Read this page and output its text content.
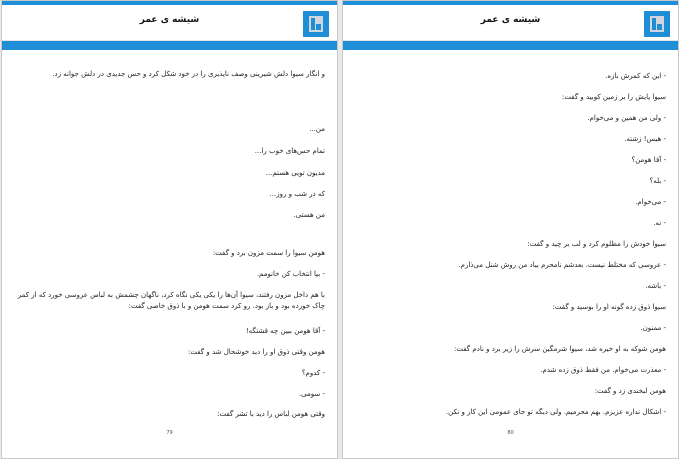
شیشه ی عمر

و انگار سیوا دلش شیرینی وصف ناپذیری را در خود شکل کرد و حس جدیدی در دلش جوانه زد.

من...

تمام حس‌های خوب را...

مدیون تویی هستم...

که در شب و روز...

من هستی.

هومن سیوا را سمت مزون برد و گفت:

- بیا انتخاب کن خانومم.

با هم داخل مزون رفتند، سیوا آن‌ها را یکی یکی نگاه کرد، ناگهان چشمش به لباس عروسی خورد که از کمر چاک خورده بود و باز بود. رو کرد سمت هومن و با ذوق خاصی گفت:

- آقا هومن ببین چه قشنگه!

هومن وقتی ذوق او را دید خوشحال شد و گفت:

- کدوم؟

- سومی.

وقتی هومن لباس را دید با تشر گفت:

79
شیشه ی عمر

- این که کمرش بازه.

سیوا پایش را بر زمین کوبید و گفت:

- ولی من همین و می‌خوام.

- هیس! زشته.

- آقا هومن؟

- بله؟

- می‌خوام.

- نه.

سیوا خودش را مظلوم کرد و لب بر چید و گفت:

- عروسی که مختلط نیست. بعدشم نامحرم بیاد من روش شنل می‌ذارم.

- باشه.

سیوا ذوق زده گونه او را بوسید و گفت:

- ممنون.

هومن شوکه به او خیره شد، سیوا شرمگین سرش را زیر برد و نادم گفت:

- معذرت می‌خوام. من فقط ذوق زده شدم.

هومن لبخندی زد و گفت:

- اشکال نداره عزیزم. بهم محرمیم. ولی دیگه تو جای عمومی این کار و نکن.

80
